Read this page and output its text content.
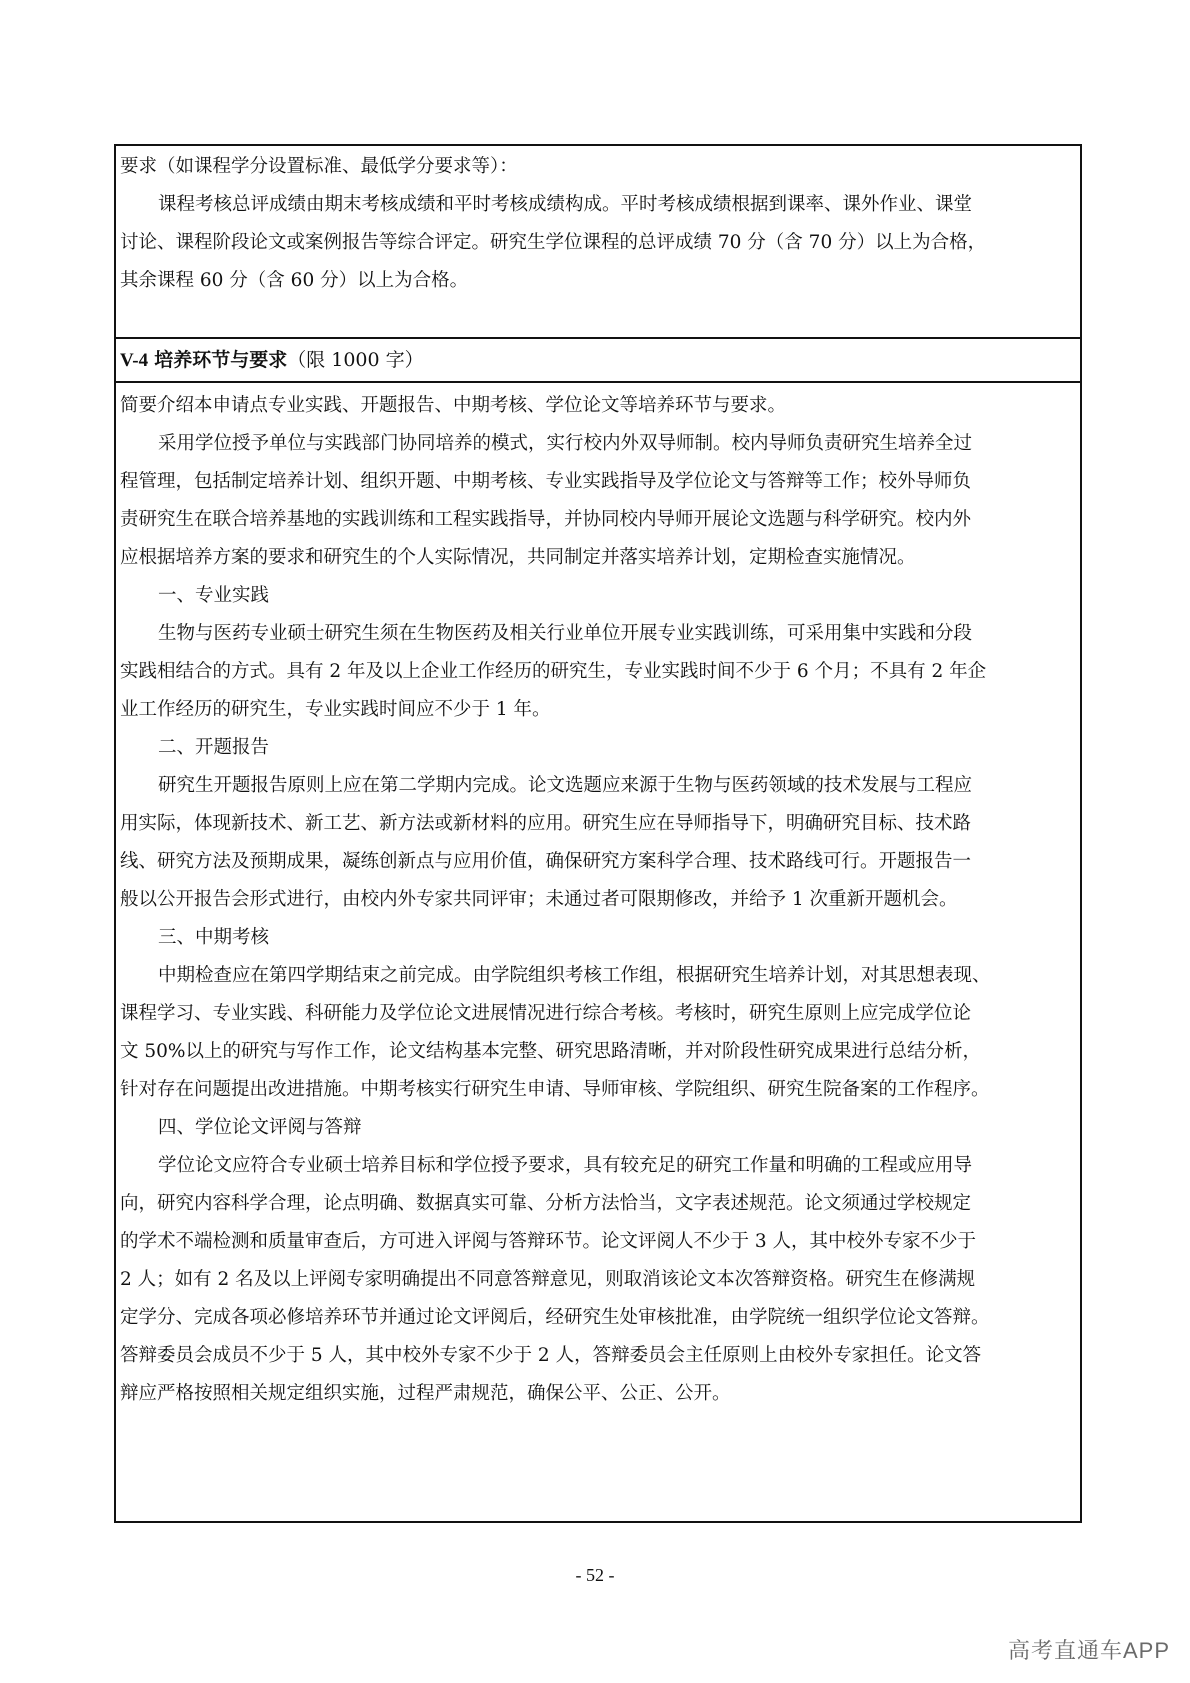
要求（如课程学分设置标准、最低学分要求等）：

课程考核总评成绩由期末考核成绩和平时考核成绩构成。平时考核成绩根据到课率、课外作业、课堂

讨论、课程阶段论文或案例报告等综合评定。研究生学位课程的总评成绩 70 分（含 70 分）以上为合格，

其余课程 60 分（含 60 分）以上为合格。

V-4 培养环节与要求（限 1000 字）

简要介绍本申请点专业实践、开题报告、中期考核、学位论文等培养环节与要求。

采用学位授予单位与实践部门协同培养的模式，实行校内外双导师制。校内导师负责研究生培养全过

程管理，包括制定培养计划、组织开题、中期考核、专业实践指导及学位论文与答辩等工作；校外导师负

责研究生在联合培养基地的实践训练和工程实践指导，并协同校内导师开展论文选题与科学研究。校内外

应根据培养方案的要求和研究生的个人实际情况，共同制定并落实培养计划，定期检查实施情况。

一、专业实践

生物与医药专业硕士研究生须在生物医药及相关行业单位开展专业实践训练，可采用集中实践和分段

实践相结合的方式。具有 2 年及以上企业工作经历的研究生，专业实践时间不少于 6 个月；不具有 2 年企

业工作经历的研究生，专业实践时间应不少于 1 年。

二、开题报告

研究生开题报告原则上应在第二学期内完成。论文选题应来源于生物与医药领域的技术发展与工程应

用实际，体现新技术、新工艺、新方法或新材料的应用。研究生应在导师指导下，明确研究目标、技术路

线、研究方法及预期成果，凝练创新点与应用价值，确保研究方案科学合理、技术路线可行。开题报告一

般以公开报告会形式进行，由校内外专家共同评审；未通过者可限期修改，并给予 1 次重新开题机会。

三、中期考核

中期检查应在第四学期结束之前完成。由学院组织考核工作组，根据研究生培养计划，对其思想表现、

课程学习、专业实践、科研能力及学位论文进展情况进行综合考核。考核时，研究生原则上应完成学位论

文 50%以上的研究与写作工作，论文结构基本完整、研究思路清晰，并对阶段性研究成果进行总结分析，

针对存在问题提出改进措施。中期考核实行研究生申请、导师审核、学院组织、研究生院备案的工作程序。

四、学位论文评阅与答辩

学位论文应符合专业硕士培养目标和学位授予要求，具有较充足的研究工作量和明确的工程或应用导

向，研究内容科学合理，论点明确、数据真实可靠、分析方法恰当，文字表述规范。论文须通过学校规定

的学术不端检测和质量审查后，方可进入评阅与答辩环节。论文评阅人不少于 3 人，其中校外专家不少于

2 人；如有 2 名及以上评阅专家明确提出不同意答辩意见，则取消该论文本次答辩资格。研究生在修满规

定学分、完成各项必修培养环节并通过论文评阅后，经研究生处审核批准，由学院统一组织学位论文答辩。

答辩委员会成员不少于 5 人，其中校外专家不少于 2 人，答辩委员会主任原则上由校外专家担任。论文答

辩应严格按照相关规定组织实施，过程严肃规范，确保公平、公正、公开。

- 52 -
高考直通车APP
